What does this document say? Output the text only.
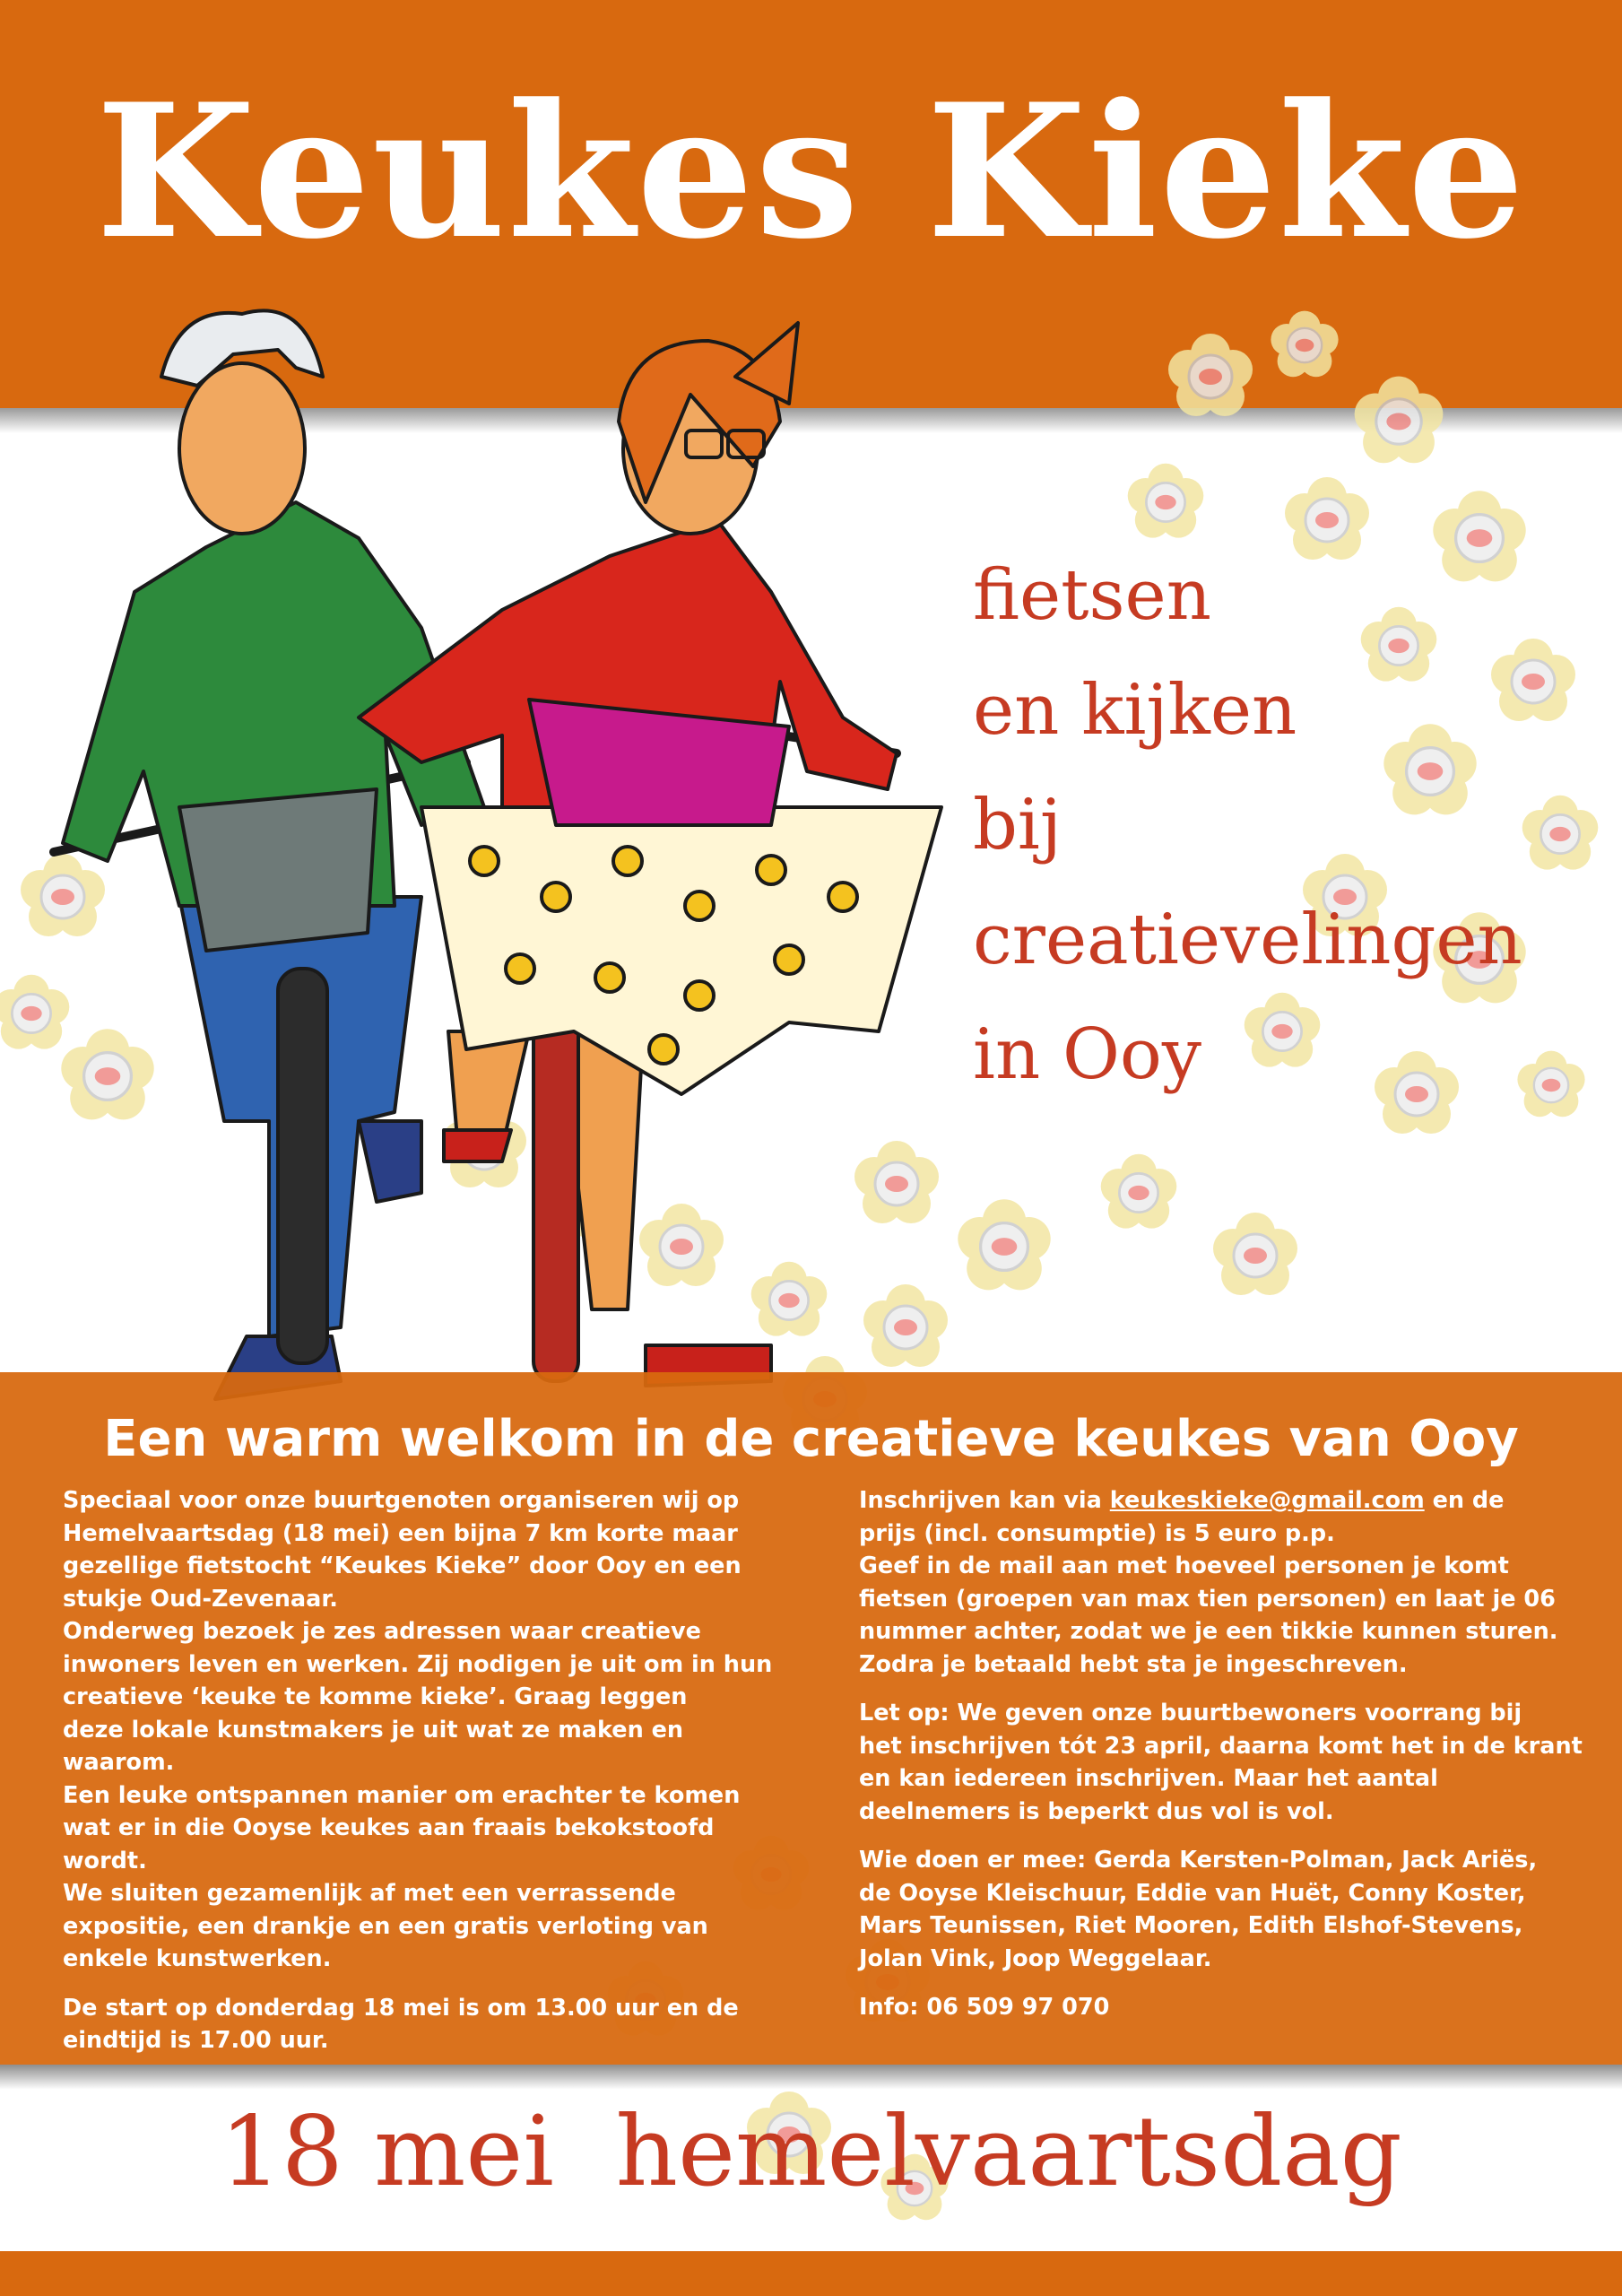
Keukes Kieke
fietsen
en kijken
bij
creatievelingen
in Ooy
Een warm welkom in de creatieve keukes van Ooy

Speciaal voor onze buurtgenoten organiseren wij op
Hemelvaartsdag (18 mei) een bijna 7 km korte maar
gezellige fietstocht “Keukes Kieke” door Ooy en een
stukje Oud-Zevenaar.
Onderweg bezoek je zes adressen waar creatieve
inwoners leven en werken. Zij nodigen je uit om in hun
creatieve ‘keuke te komme kieke’. Graag leggen
deze lokale kunstmakers je uit wat ze maken en
waarom.
Een leuke ontspannen manier om erachter te komen
wat er in die Ooyse keukes aan fraais bekokstoofd
wordt.
We sluiten gezamenlijk af met een verrassende
expositie, een drankje en een gratis verloting van
enkele kunstwerken.

De start op donderdag 18 mei is om 13.00 uur en de
eindtijd is 17.00 uur.

Inschrijven kan via keukeskieke@gmail.com en de
prijs (incl. consumptie) is 5 euro p.p.
Geef in de mail aan met hoeveel personen je komt
fietsen (groepen van max tien personen) en laat je 06
nummer achter, zodat we je een tikkie kunnen sturen.
Zodra je betaald hebt sta je ingeschreven.

Let op: We geven onze buurtbewoners voorrang bij
het inschrijven tót 23 april, daarna komt het in de krant
en kan iedereen inschrijven. Maar het aantal
deelnemers is beperkt dus vol is vol.

Wie doen er mee: Gerda Kersten-Polman, Jack Ariës,
de Ooyse Kleischuur, Eddie van Huët, Conny Koster,
Mars Teunissen, Riet Mooren, Edith Elshof-Stevens,
Jolan Vink, Joop Weggelaar.

Info: 06 509 97 070

18 mei  hemelvaartsdag
